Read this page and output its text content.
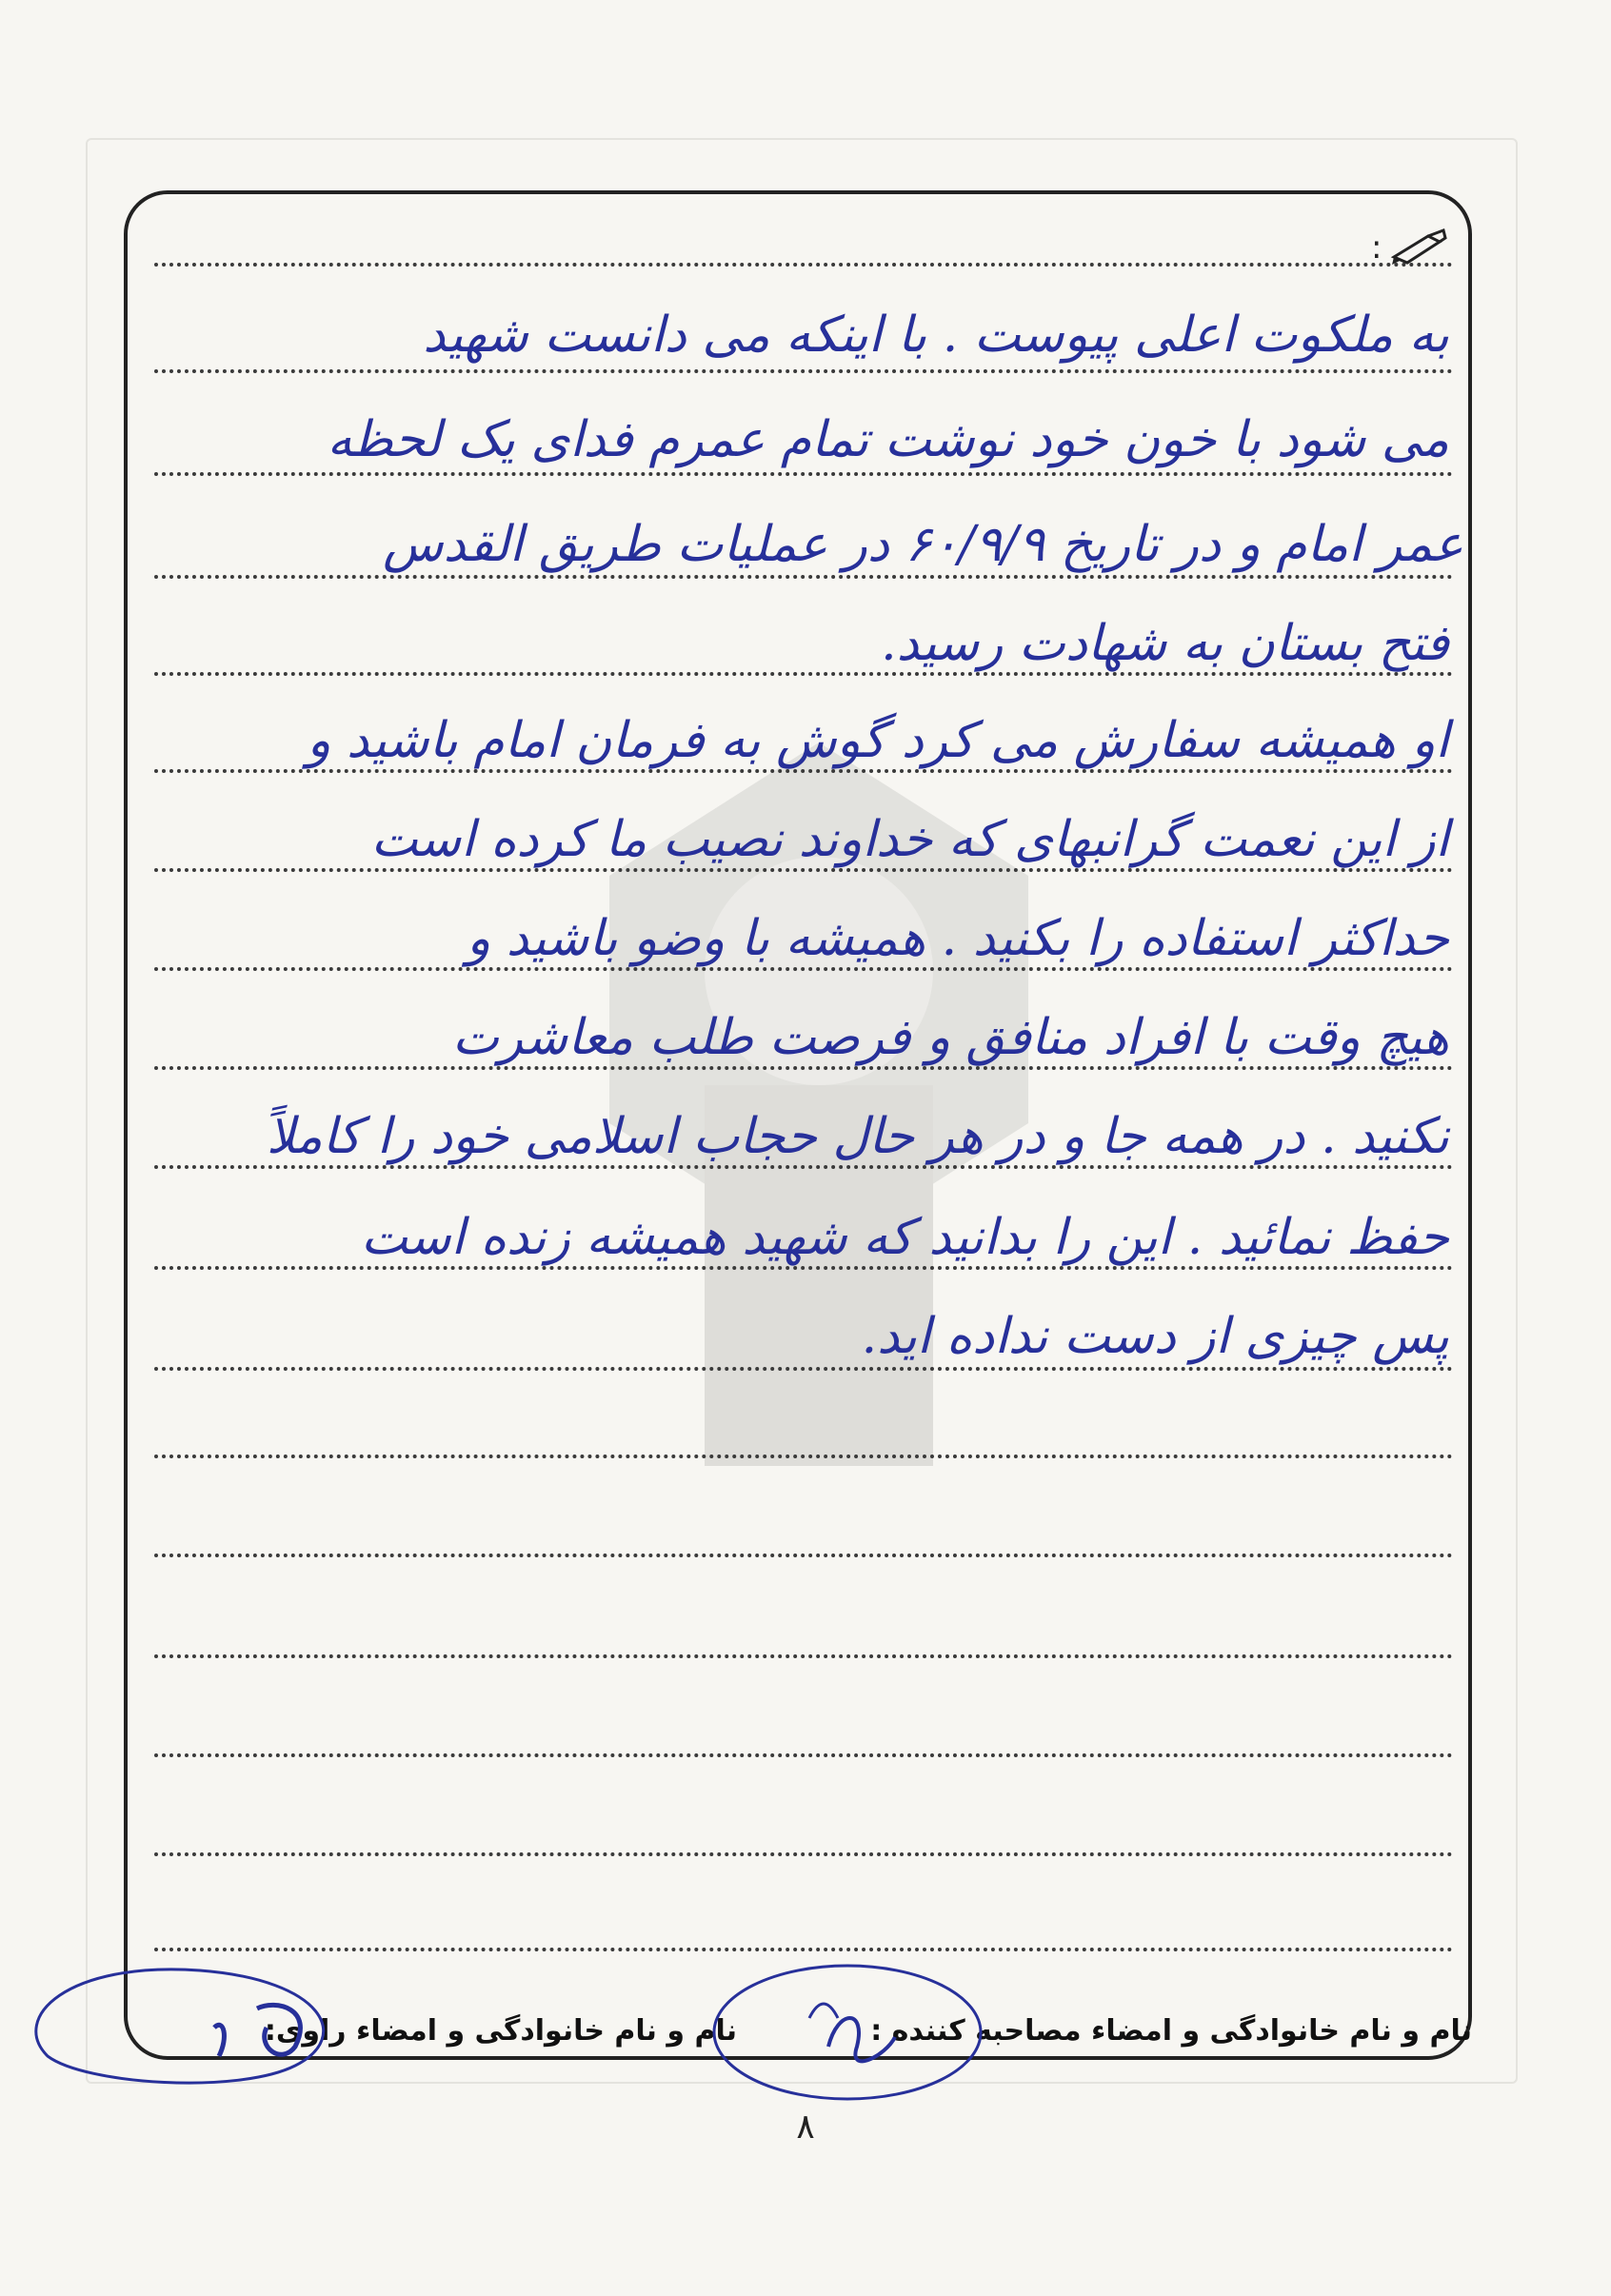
:
به ملکوت اعلی پیوست . با اینکه می دانست شهید
می شود با خون خود نوشت تمام عمرم فدای یک لحظه
عمر امام و در تاریخ ۶۰/۹/۹ در عملیات طریق القدس
فتح بستان به شهادت رسید.
او همیشه سفارش می کرد گوش به فرمان امام باشید و
از این نعمت گرانبهای که خداوند نصیب ما کرده است
حداکثر استفاده را بکنید . همیشه با وضو باشید و
هیچ وقت با افراد منافق و فرصت طلب معاشرت
نکنید . در همه جا و در هر حال حجاب اسلامی خود را کاملاً
حفظ نمائید . این را بدانید که شهید همیشه زنده است
پس چیزی از دست نداده اید.
نام و نام خانوادگی و امضاء مصاحبه کننده :
نام و نام خانوادگی و امضاء راوی:
۸
